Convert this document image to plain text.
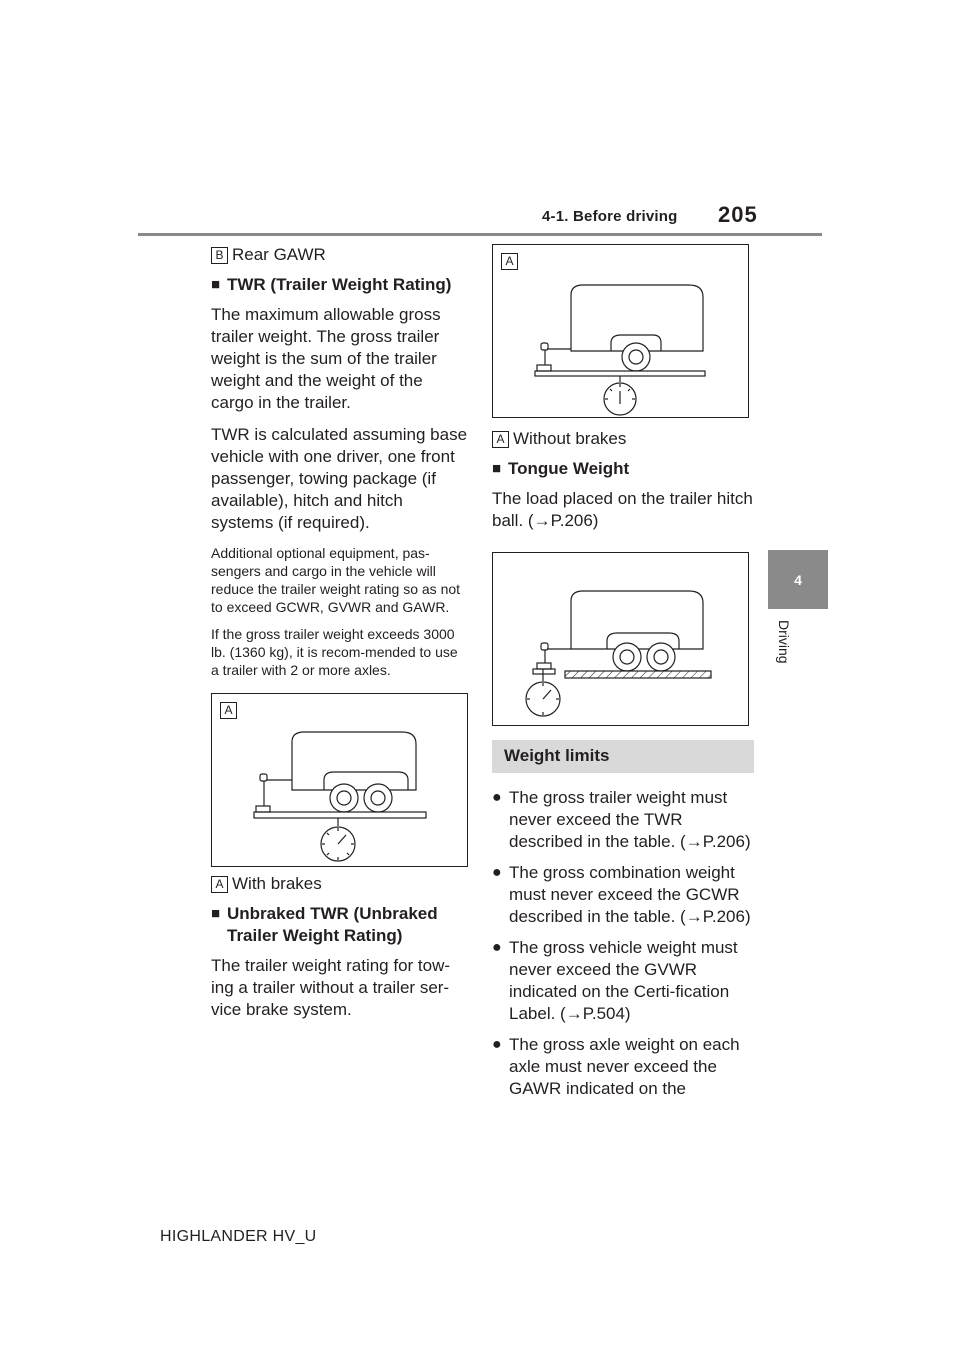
4-1. Before driving 205
4
Driving
B Rear GAWR
■ TWR (Trailer Weight Rating)

The maximum allowable gross trailer weight. The gross trailer weight is the sum of the trailer weight and the weight of the cargo in the trailer.

TWR is calculated assuming base vehicle with one driver, one front passenger, towing package (if available), hitch and hitch systems (if required).

Additional optional equipment, pas-sengers and cargo in the vehicle will reduce the trailer weight rating so as not to exceed GCWR, GVWR and GAWR.

If the gross trailer weight exceeds 3000 lb. (1360 kg), it is recom-mended to use a trailer with 2 or more axles.

A
A With brakes
■ Unbraked TWR (Unbraked Trailer Weight Rating)

The trailer weight rating for tow-ing a trailer without a trailer ser-vice brake system.

A
A Without brakes
■ Tongue Weight

The load placed on the trailer hitch ball. (→P.206)

Weight limits
● The gross trailer weight must never exceed the TWR described in the table. (→P.206)
● The gross combination weight must never exceed the GCWR described in the table. (→P.206)
● The gross vehicle weight must never exceed the GVWR indicated on the Certi-fication Label. (→P.504)
● The gross axle weight on each axle must never exceed the GAWR indicated on the
HIGHLANDER HV_U
